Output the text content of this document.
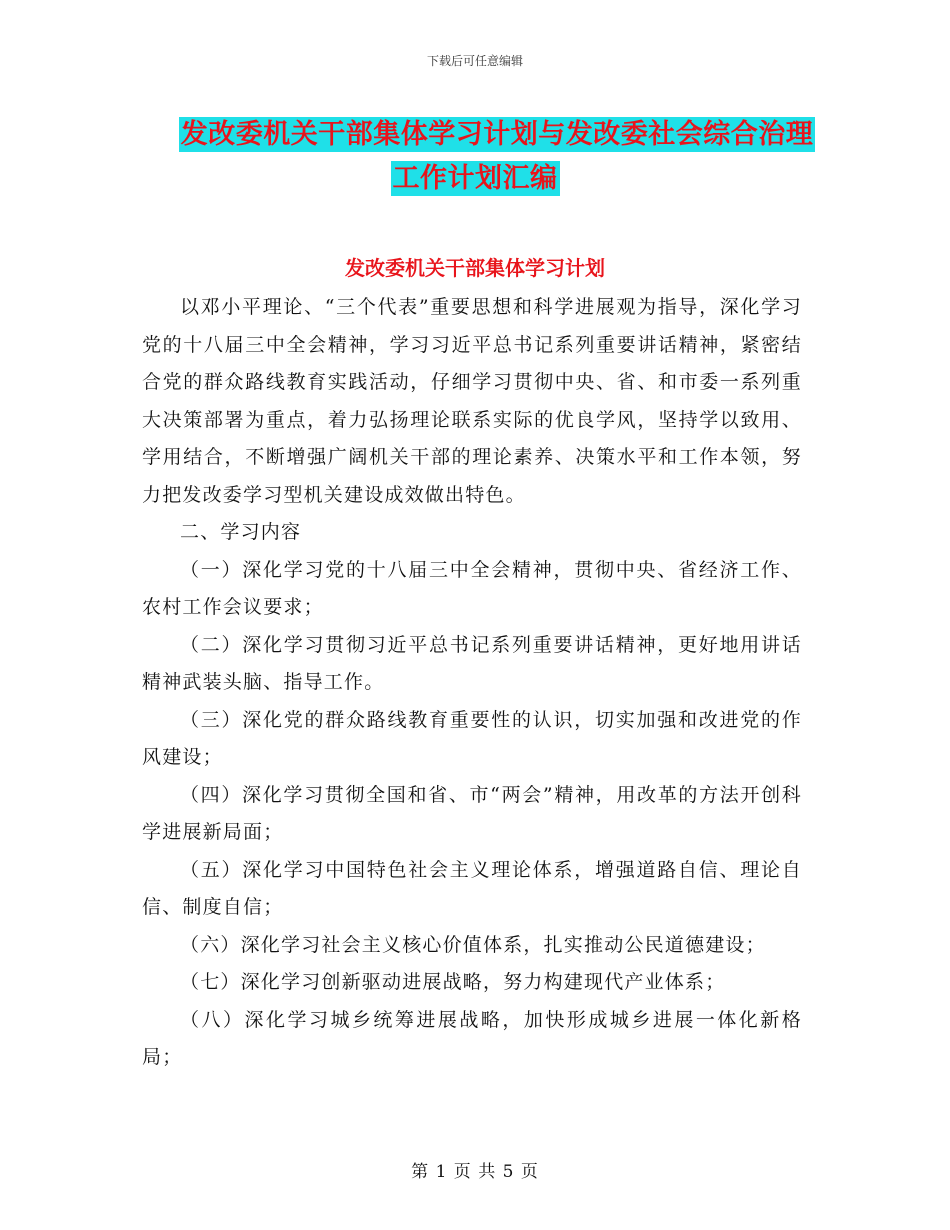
下载后可任意编辑
发改委机关干部集体学习计划与发改委社会综合治理
工作计划汇编
发改委机关干部集体学习计划

以邓小平理论、“三个代表”重要思想和科学进展观为指导，深化学习党的十八届三中全会精神，学习习近平总书记系列重要讲话精神，紧密结合党的群众路线教育实践活动，仔细学习贯彻中央、省、和市委一系列重大决策部署为重点，着力弘扬理论联系实际的优良学风，坚持学以致用、学用结合，不断增强广阔机关干部的理论素养、决策水平和工作本领，努力把发改委学习型机关建设成效做出特色。

二、学习内容

（一）深化学习党的十八届三中全会精神，贯彻中央、省经济工作、农村工作会议要求；

（二）深化学习贯彻习近平总书记系列重要讲话精神，更好地用讲话精神武装头脑、指导工作。

（三）深化党的群众路线教育重要性的认识，切实加强和改进党的作风建设；

（四）深化学习贯彻全国和省、市“两会”精神，用改革的方法开创科学进展新局面；

（五）深化学习中国特色社会主义理论体系，增强道路自信、理论自信、制度自信；

（六）深化学习社会主义核心价值体系，扎实推动公民道德建设；

（七）深化学习创新驱动进展战略，努力构建现代产业体系；

（八）深化学习城乡统筹进展战略，加快形成城乡进展一体化新格局；

第 1 页 共 5 页
